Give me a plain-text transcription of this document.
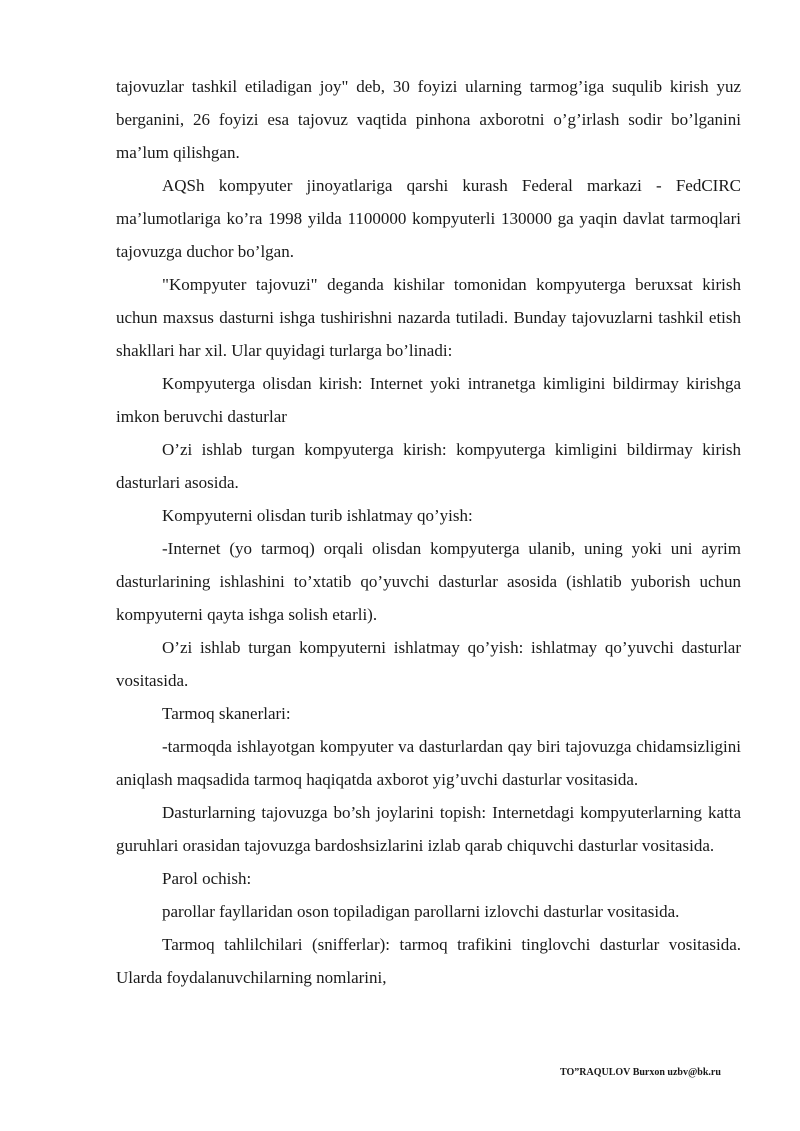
tajovuzlar tashkil etiladigan joy" deb, 30 foyizi ularning tarmog’iga suqulib kirish yuz berganini, 26 foyizi esa tajovuz vaqtida pinhona axborotni o’g’irlash sodir bo’lganini ma’lum qilishgan.

AQSh kompyuter jinoyatlariga qarshi kurash Federal markazi - FedCIRC ma’lumotlariga ko’ra 1998 yilda 1100000 kompyuterli 130000 ga yaqin davlat tarmoqlari tajovuzga duchor bo’lgan.

"Kompyuter tajovuzi" deganda kishilar tomonidan kompyuterga beruxsat kirish uchun maxsus dasturni ishga tushirishni nazarda tutiladi. Bunday tajovuzlarni tashkil etish shakllari har xil. Ular quyidagi turlarga bo’linadi:

Kompyuterga olisdan kirish: Internet yoki intranetga kimligini bildirmay kirishga imkon beruvchi dasturlar

O’zi ishlab turgan kompyuterga kirish: kompyuterga kimligini bildirmay kirish dasturlari asosida.

Kompyuterni olisdan turib ishlatmay qo’yish:

-Internet (yo tarmoq) orqali olisdan kompyuterga ulanib, uning yoki uni ayrim dasturlarining ishlashini to’xtatib qo’yuvchi dasturlar asosida (ishlatib yuborish uchun kompyuterni qayta ishga solish etarli).

O’zi ishlab turgan kompyuterni ishlatmay qo’yish: ishlatmay qo’yuvchi dasturlar vositasida.

Tarmoq skanerlari:

-tarmoqda ishlayotgan kompyuter va dasturlardan qay biri tajovuzga chidamsizligini aniqlash maqsadida tarmoq haqiqatda axborot yig’uvchi dasturlar vositasida.

Dasturlarning tajovuzga bo’sh joylarini topish: Internetdagi kompyuterlarning katta guruhlari orasidan tajovuzga bardoshsizlarini izlab qarab chiquvchi dasturlar vositasida.

Parol ochish:

parollar fayllaridan oson topiladigan parollarni izlovchi dasturlar vositasida.

Tarmoq tahlilchilari (snifferlar): tarmoq trafikini tinglovchi dasturlar vositasida. Ularda foydalanuvchilarning nomlarini,

TO”RAQULOV Burxon uzbv@bk.ru
